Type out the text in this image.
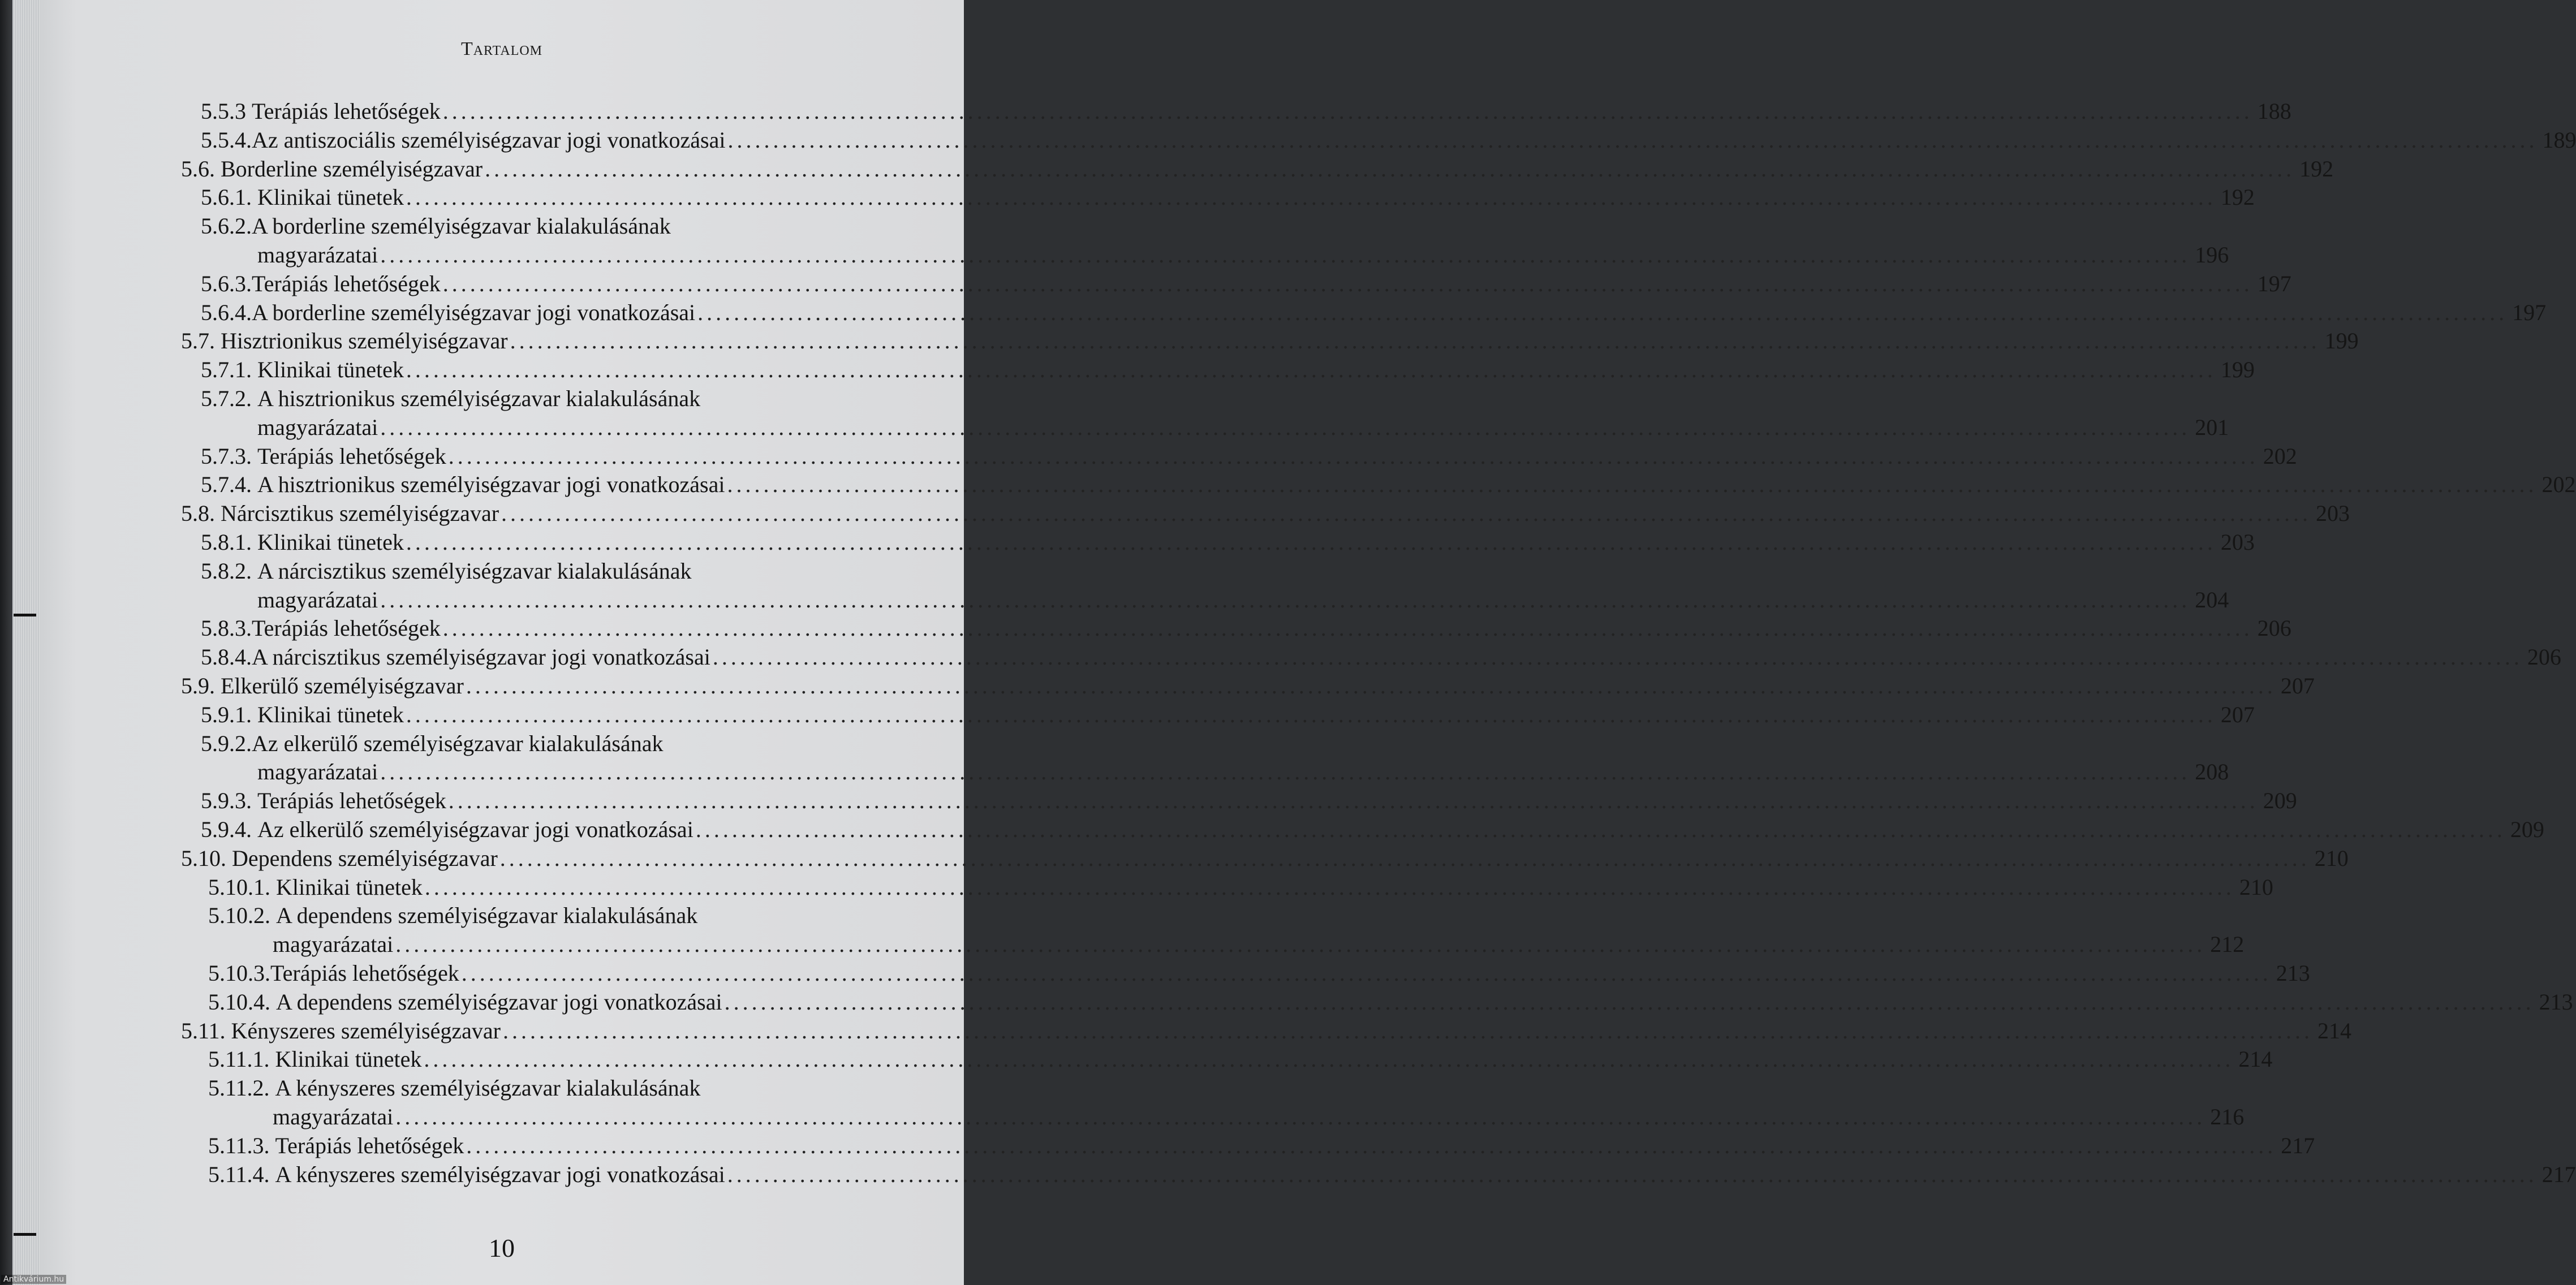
Tartalom
5.5.3 Terápiás lehetőségek ........................................................................................................................................................................................................ 188
5.5.4. Az antiszociális személyiségzavar jogi vonatkozásai ........................................................................................................................................................................................................ 189
5.6. Borderline személyiségzavar ........................................................................................................................................................................................................ 192
5.6.1. Klinikai tünetek ........................................................................................................................................................................................................ 192
5.6.2. A borderline személyiségzavar kialakulásának
magyarázatai ........................................................................................................................................................................................................ 196
5.6.3. Terápiás lehetőségek ........................................................................................................................................................................................................ 197
5.6.4. A borderline személyiségzavar jogi vonatkozásai ........................................................................................................................................................................................................ 197
5.7. Hisztrionikus személyiségzavar ........................................................................................................................................................................................................ 199
5.7.1. Klinikai tünetek ........................................................................................................................................................................................................ 199
5.7.2. A hisztrionikus személyiségzavar kialakulásának
magyarázatai ........................................................................................................................................................................................................ 201
5.7.3. Terápiás lehetőségek ........................................................................................................................................................................................................ 202
5.7.4. A hisztrionikus személyiségzavar jogi vonatkozásai ........................................................................................................................................................................................................ 202
5.8. Nárcisztikus személyiségzavar ........................................................................................................................................................................................................ 203
5.8.1. Klinikai tünetek ........................................................................................................................................................................................................ 203
5.8.2. A nárcisztikus személyiségzavar kialakulásának
magyarázatai ........................................................................................................................................................................................................ 204
5.8.3. Terápiás lehetőségek ........................................................................................................................................................................................................ 206
5.8.4. A nárcisztikus személyiségzavar jogi vonatkozásai ........................................................................................................................................................................................................ 206
5.9. Elkerülő személyiségzavar ........................................................................................................................................................................................................ 207
5.9.1. Klinikai tünetek ........................................................................................................................................................................................................ 207
5.9.2. Az elkerülő személyiségzavar kialakulásának
magyarázatai ........................................................................................................................................................................................................ 208
5.9.3. Terápiás lehetőségek ........................................................................................................................................................................................................ 209
5.9.4. Az elkerülő személyiségzavar jogi vonatkozásai ........................................................................................................................................................................................................ 209
5.10. Dependens személyiségzavar ........................................................................................................................................................................................................ 210
5.10.1. Klinikai tünetek ........................................................................................................................................................................................................ 210
5.10.2. A dependens személyiségzavar kialakulásának
magyarázatai ........................................................................................................................................................................................................ 212
5.10.3. Terápiás lehetőségek ........................................................................................................................................................................................................ 213
5.10.4. A dependens személyiségzavar jogi vonatkozásai ........................................................................................................................................................................................................ 213
5.11. Kényszeres személyiségzavar ........................................................................................................................................................................................................ 214
5.11.1. Klinikai tünetek ........................................................................................................................................................................................................ 214
5.11.2. A kényszeres személyiségzavar kialakulásának
magyarázatai ........................................................................................................................................................................................................ 216
5.11.3. Terápiás lehetőségek ........................................................................................................................................................................................................ 217
5.11.4. A kényszeres személyiségzavar jogi vonatkozásai ........................................................................................................................................................................................................ 217
10
Antikvárium.hu
